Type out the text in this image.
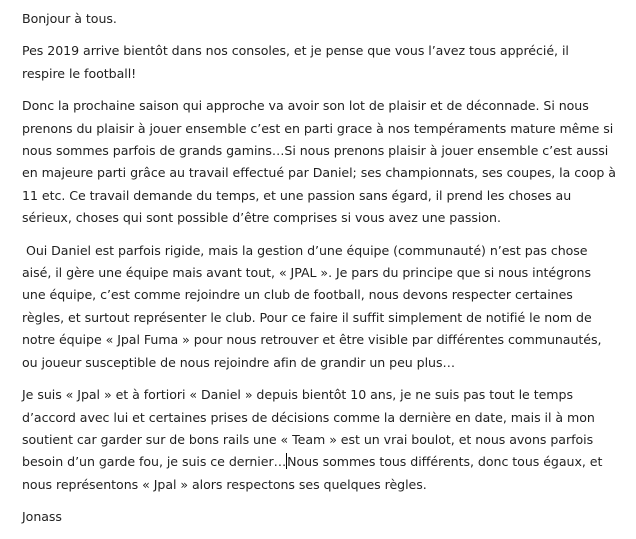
Bonjour à tous.

Pes 2019 arrive bientôt dans nos consoles, et je pense que vous l’avez tous apprécié, il
respire le football!

Donc la prochaine saison qui approche va avoir son lot de plaisir et de déconnade. Si nous
prenons du plaisir à jouer ensemble c’est en parti grace à nos tempéraments mature même si
nous sommes parfois de grands gamins…Si nous prenons plaisir à jouer ensemble c’est aussi
en majeure parti grâce au travail effectué par Daniel; ses championnats, ses coupes, la coop à
11 etc. Ce travail demande du temps, et une passion sans égard, il prend les choses au
sérieux, choses qui sont possible d’être comprises si vous avez une passion.

Oui Daniel est parfois rigide, mais la gestion d’une équipe (communauté) n’est pas chose
aisé, il gère une équipe mais avant tout, « JPAL ». Je pars du principe que si nous intégrons
une équipe, c’est comme rejoindre un club de football, nous devons respecter certaines
règles, et surtout représenter le club. Pour ce faire il suffit simplement de notifié le nom de
notre équipe « Jpal Fuma » pour nous retrouver et être visible par différentes communautés,
ou joueur susceptible de nous rejoindre afin de grandir un peu plus…

Je suis « Jpal » et à fortiori « Daniel » depuis bientôt 10 ans, je ne suis pas tout le temps
d’accord avec lui et certaines prises de décisions comme la dernière en date, mais il à mon
soutient car garder sur de bons rails une « Team » est un vrai boulot, et nous avons parfois
besoin d’un garde fou, je suis ce dernier…Nous sommes tous différents, donc tous égaux, et
nous représentons « Jpal » alors respectons ses quelques règles.

Jonass
